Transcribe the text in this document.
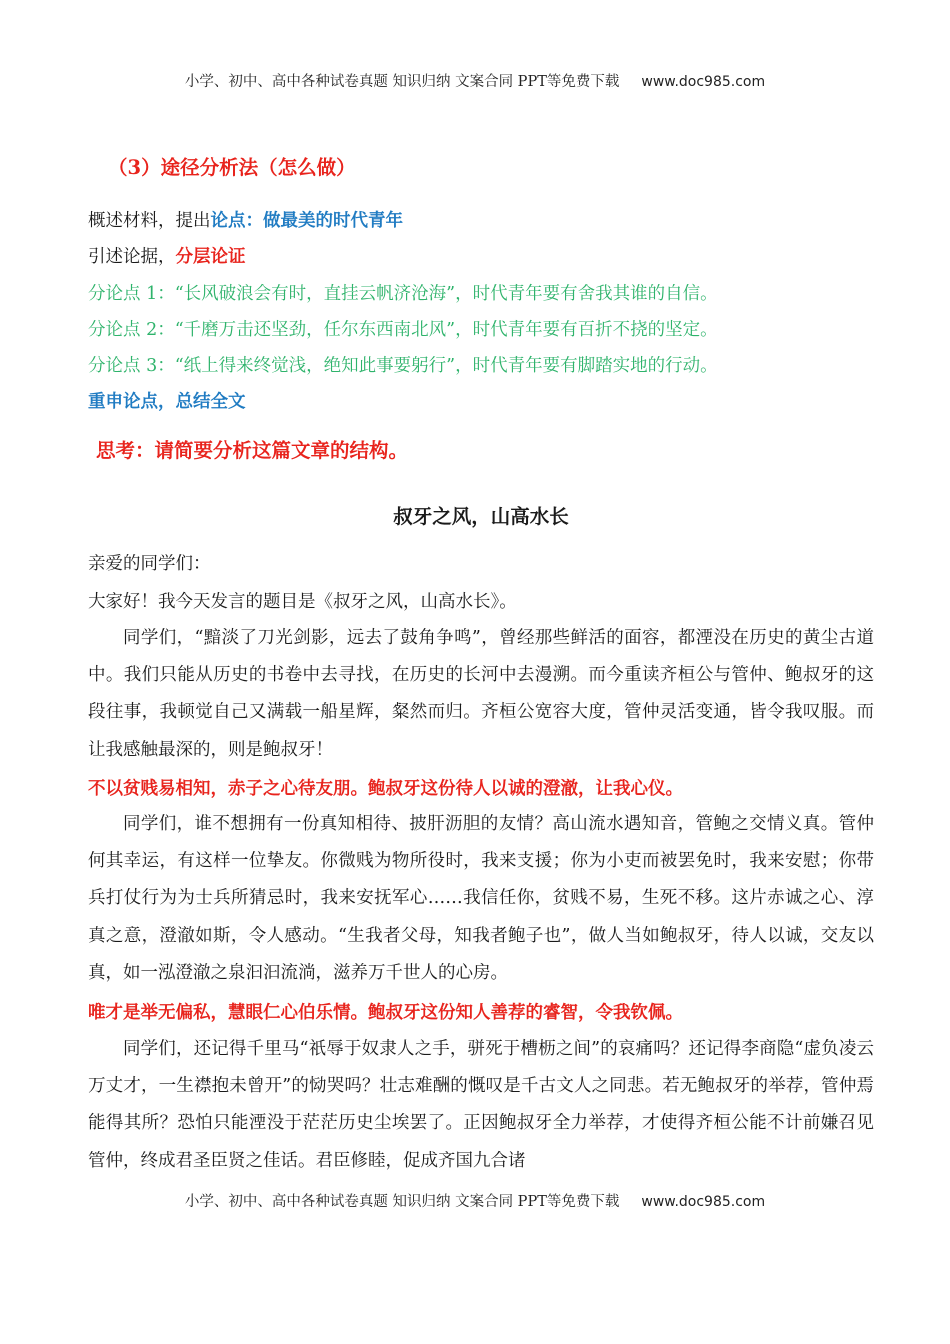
小学、初中、高中各种试卷真题 知识归纳 文案合同 PPT等免费下载 www.doc985.com
（3）途径分析法（怎么做）
概述材料，提出论点：做最美的时代青年
引述论据，分层论证
分论点 1：“长风破浪会有时，直挂云帆济沧海”，时代青年要有舍我其谁的自信。
分论点 2：“千磨万击还坚劲，任尔东西南北风”，时代青年要有百折不挠的坚定。
分论点 3：“纸上得来终觉浅，绝知此事要躬行”，时代青年要有脚踏实地的行动。
重申论点，总结全文
思考：请简要分析这篇文章的结构。
叔牙之风，山高水长
亲爱的同学们：
大家好！我今天发言的题目是《叔牙之风，山高水长》。
同学们，“黯淡了刀光剑影，远去了鼓角争鸣”，曾经那些鲜活的面容，都湮没在历史的黄尘古道中。我们只能从历史的书卷中去寻找，在历史的长河中去漫溯。而今重读齐桓公与管仲、鲍叔牙的这段往事，我顿觉自己又满载一船星辉，粲然而归。齐桓公宽容大度，管仲灵活变通，皆令我叹服。而让我感触最深的，则是鲍叔牙！
不以贫贱易相知，赤子之心待友朋。鲍叔牙这份待人以诚的澄澈，让我心仪。
同学们，谁不想拥有一份真知相待、披肝沥胆的友情？高山流水遇知音，管鲍之交情义真。管仲何其幸运，有这样一位挚友。你微贱为物所役时，我来支援；你为小吏而被罢免时，我来安慰；你带兵打仗行为为士兵所猜忌时，我来安抚军心……我信任你，贫贱不易，生死不移。这片赤诚之心、淳真之意，澄澈如斯，令人感动。“生我者父母，知我者鲍子也”，做人当如鲍叔牙，待人以诚，交友以真，如一泓澄澈之泉汩汩流淌，滋养万千世人的心房。
唯才是举无偏私，慧眼仁心伯乐情。鲍叔牙这份知人善荐的睿智，令我钦佩。
同学们，还记得千里马“祇辱于奴隶人之手，骈死于槽枥之间”的哀痛吗？还记得李商隐“虚负凌云万丈才，一生襟抱未曾开”的恸哭吗？壮志难酬的慨叹是千古文人之同悲。若无鲍叔牙的举荐，管仲焉能得其所？恐怕只能湮没于茫茫历史尘埃罢了。正因鲍叔牙全力举荐，才使得齐桓公能不计前嫌召见管仲，终成君圣臣贤之佳话。君臣修睦，促成齐国九合诸
小学、初中、高中各种试卷真题 知识归纳 文案合同 PPT等免费下载 www.doc985.com
